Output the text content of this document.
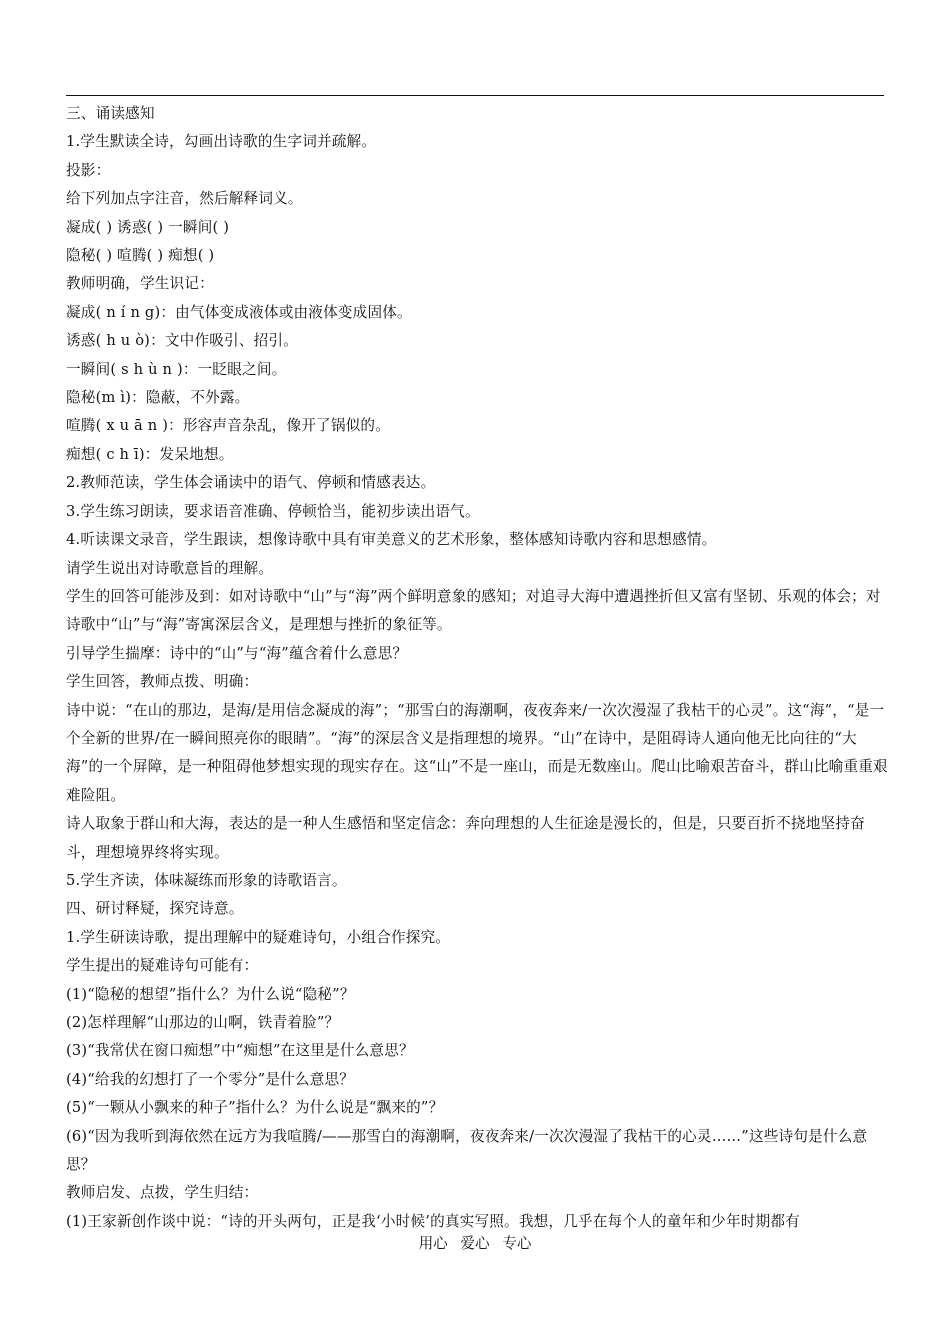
三、诵读感知

1.学生默读全诗，勾画出诗歌的生字词并疏解。

投影：

给下列加点字注音，然后解释词义。

凝成( ) 诱惑( ) 一瞬间( )

隐秘( ) 喧腾( ) 痴想( )

教师明确，学生识记：

凝成( n í n g)：由气体变成液体或由液体变成固体。

诱惑( h u ò)：文中作吸引、招引。

一瞬间( s h ù n )：一眨眼之间。

隐秘(m ì)：隐蔽，不外露。

喧腾( x u ā n )：形容声音杂乱，像开了锅似的。

痴想( c h ī)：发呆地想。

2.教师范读，学生体会诵读中的语气、停顿和情感表达。

3.学生练习朗读，要求语音准确、停顿恰当，能初步读出语气。

4.听读课文录音，学生跟读，想像诗歌中具有审美意义的艺术形象，整体感知诗歌内容和思想感情。

请学生说出对诗歌意旨的理解。

学生的回答可能涉及到：如对诗歌中“山”与“海”两个鲜明意象的感知；对追寻大海中遭遇挫折但又富有坚韧、乐观的体会；对诗歌中“山”与“海”寄寓深层含义，是理想与挫折的象征等。

引导学生揣摩：诗中的“山”与“海”蕴含着什么意思？

学生回答，教师点拨、明确：

诗中说：“在山的那边，是海/是用信念凝成的海”；“那雪白的海潮啊，夜夜奔来/一次次漫湿了我枯干的心灵”。这“海”，“是一个全新的世界/在一瞬间照亮你的眼睛”。“海”的深层含义是指理想的境界。“山”在诗中，是阻碍诗人通向他无比向往的“大海”的一个屏障，是一种阻碍他梦想实现的现实存在。这“山”不是一座山，而是无数座山。爬山比喻艰苦奋斗，群山比喻重重艰难险阻。

诗人取象于群山和大海，表达的是一种人生感悟和坚定信念：奔向理想的人生征途是漫长的，但是，只要百折不挠地坚持奋斗，理想境界终将实现。

5.学生齐读，体味凝练而形象的诗歌语言。

四、研讨释疑，探究诗意。

1.学生研读诗歌，提出理解中的疑难诗句，小组合作探究。

学生提出的疑难诗句可能有：

(1)“隐秘的想望”指什么？为什么说“隐秘”？

(2)怎样理解“山那边的山啊，铁青着脸”？

(3)“我常伏在窗口痴想”中“痴想”在这里是什么意思？

(4)“给我的幻想打了一个零分”是什么意思？

(5)“一颗从小飘来的种子”指什么？为什么说是“飘来的”？

(6)“因为我听到海依然在远方为我喧腾/——那雪白的海潮啊，夜夜奔来/一次次漫湿了我枯干的心灵……”这些诗句是什么意思？

教师启发、点拨，学生归结：

(1)王家新创作谈中说：“诗的开头两句，正是我‘小时候’的真实写照。我想，几乎在每个人的童年和少年时期都有

用心 爱心 专心
